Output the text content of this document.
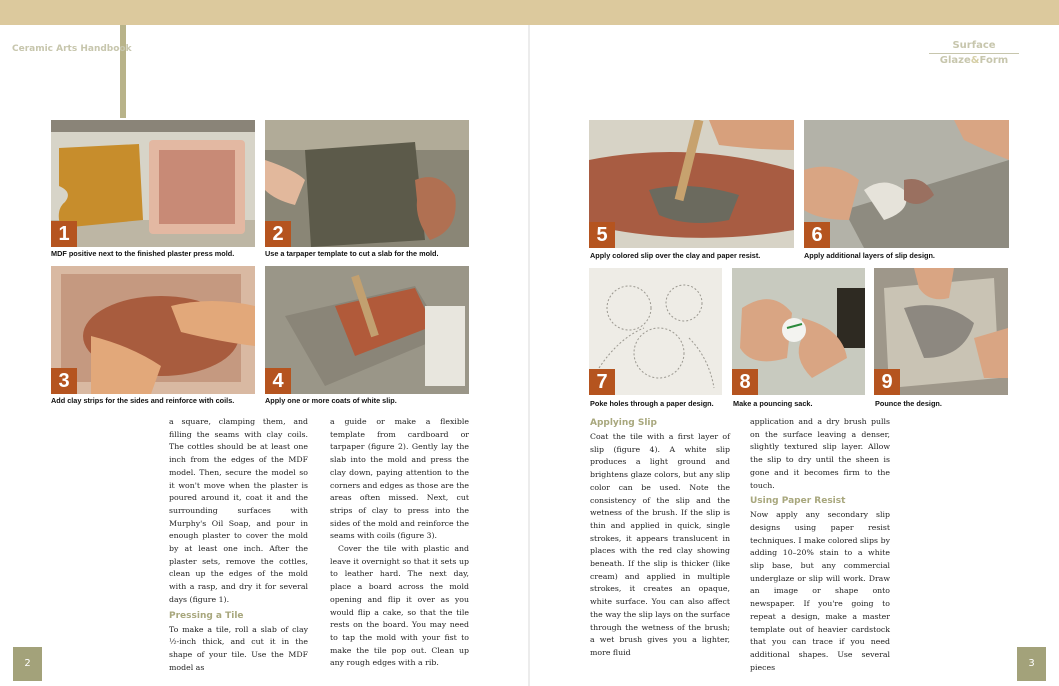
Ceramic Arts Handbook	Surface
Glaze&Form
1
MDF positive next to the finished plaster press mold.
2
Use a tarpaper template to cut a slab for the mold.
3
Add clay strips for the sides and reinforce with coils.
4
Apply one or more coats of white slip.
5
Apply colored slip over the clay and paper resist.
6
Apply additional layers of slip design.
7
Poke holes through a paper design.
8
Make a pouncing sack.
9
Pounce the design.

a square, clamping them, and filling the seams with clay coils. The cottles should be at least one inch from the edges of the MDF model. Then, secure the model so it won't move when the plaster is poured around it, coat it and the surrounding surfaces with Murphy's Oil Soap, and pour in enough plaster to cover the mold by at least one inch. After the plaster sets, remove the cottles, clean up the edges of the mold with a rasp, and dry it for several days (figure 1).

Pressing a Tile

To make a tile, roll a slab of clay ½-inch thick, and cut it in the shape of your tile. Use the MDF model as

a guide or make a flexible template from cardboard or tarpaper (figure 2). Gently lay the slab into the mold and press the clay down, paying attention to the corners and edges as those are the areas often missed. Next, cut strips of clay to press into the sides of the mold and reinforce the seams with coils (figure 3).

Cover the tile with plastic and leave it overnight so that it sets up to leather hard. The next day, place a board across the mold opening and flip it over as you would flip a cake, so that the tile rests on the board. You may need to tap the mold with your fist to make the tile pop out. Clean up any rough edges with a rib.

Applying Slip

Coat the tile with a first layer of slip (figure 4). A white slip produces a light ground and brightens glaze colors, but any slip color can be used. Note the consistency of the slip and the wetness of the brush. If the slip is thin and applied in quick, single strokes, it appears translucent in places with the red clay showing beneath. If the slip is thicker (like cream) and applied in multiple strokes, it creates an opaque, white surface. You can also affect the way the slip lays on the surface through the wetness of the brush; a wet brush gives you a lighter, more fluid

application and a dry brush pulls on the surface leaving a denser, slightly textured slip layer. Allow the slip to dry until the sheen is gone and it becomes firm to the touch.

Using Paper Resist

Now apply any secondary slip designs using paper resist techniques. I make colored slips by adding 10–20% stain to a white slip base, but any commercial underglaze or slip will work. Draw an image or shape onto newspaper. If you're going to repeat a design, make a master template out of heavier cardstock that you can trace if you need additional shapes. Use several pieces

2	3
